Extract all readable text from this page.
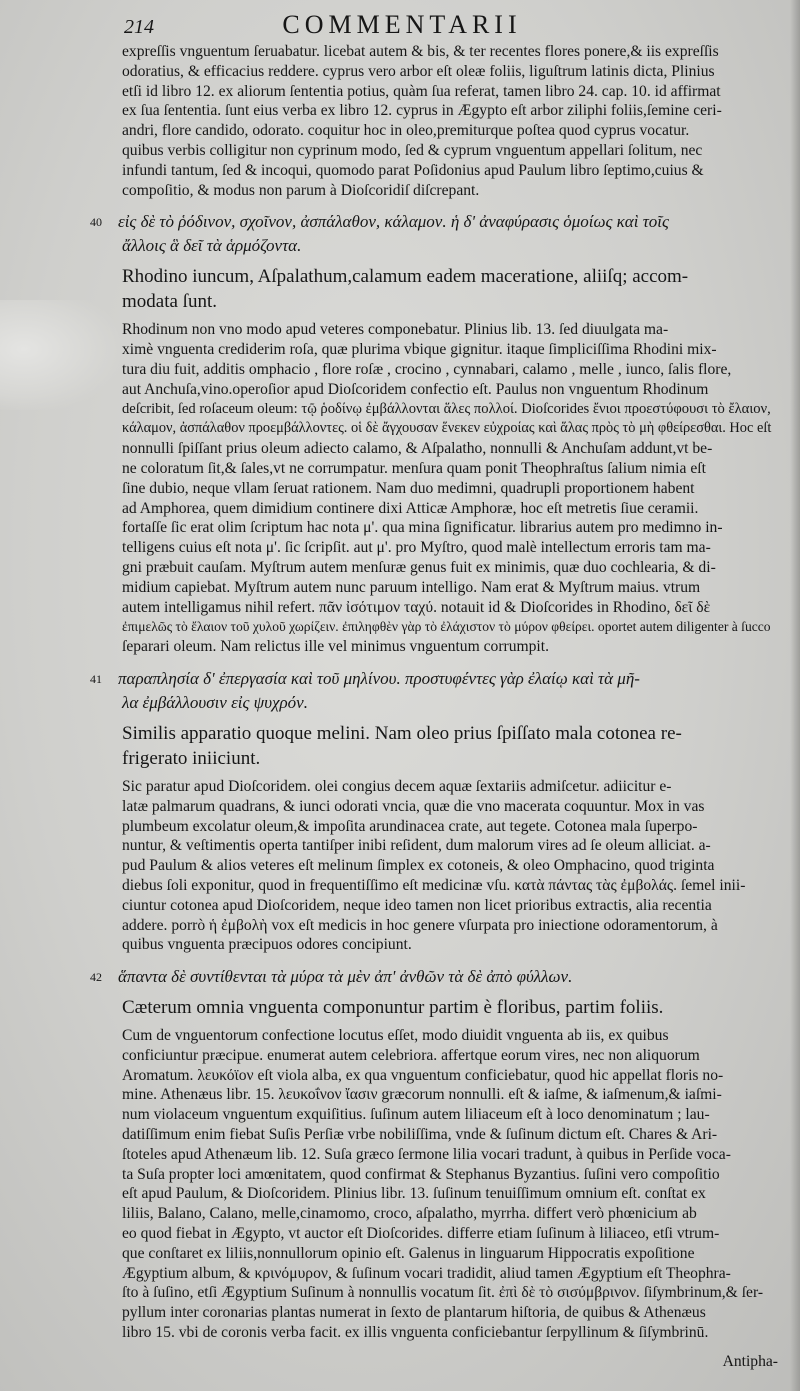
214	COMMENTARII
expreſſis vnguentum ſeruabatur. licebat autem & bis, & ter recentes flores ponere,& iis expreſſis
odoratius, & efficacius reddere. cyprus vero arbor eſt oleæ foliis, liguſtrum latinis dicta, Plinius
etſi id libro 12. ex aliorum ſententia potius, quàm ſua referat, tamen libro 24. cap. 10. id affirmat
ex ſua ſententia. ſunt eius verba ex libro 12. cyprus in Ægypto eſt arbor ziliphi foliis,ſemine ceri-
andri, flore candido, odorato. coquitur hoc in oleo,premiturque poſtea quod cyprus vocatur.
quibus verbis colligitur non cyprinum modo, ſed & cyprum vnguentum appellari ſolitum, nec
infundi tantum, ſed & incoqui, quomodo parat Poſidonius apud Paulum libro ſeptimo,cuius &
compoſitio, & modus non parum à Dioſcoridiſ diſcrepant.
40 εἰς δὲ τὸ ῥόδινον, σχοῖνον, ἀσπάλαθον, κάλαμον. ἡ δ' ἀναφύρασις ὁμοίως καὶ τοῖς
ἄλλοις ἃ δεῖ τὰ ἁρμόζοντα.
Rhodino iuncum, Aſpalathum,calamum eadem maceratione, aliiſq; accom-
modata ſunt.
Rhodinum non vno modo apud veteres componebatur. Plinius lib. 13. ſed diuulgata ma-
ximè vnguenta crediderim roſa, quæ plurima vbique gignitur. itaque ſimpliciſſima Rhodini mix-
tura diu fuit, additis omphacio , flore roſæ , crocino , cynnabari, calamo , melle , iunco, ſalis flore,
aut Anchuſa,vino.operoſior apud Dioſcoridem confectio eſt. Paulus non vnguentum Rhodinum
deſcribit, ſed roſaceum oleum: τῷ ῥοδίνῳ ἐμβάλλονται ἅλες πολλοί. Dioſcorides ἔνιοι προεστύφουσι τὸ ἔλαιον,
κάλαμον, ἀσπάλαθον προεμβάλλοντες. οἱ δὲ ἄγχουσαν ἕνεκεν εὐχροίας καὶ ἅλας πρὸς τὸ μὴ φθείρεσθαι. Hoc eſt
nonnulli ſpiſſant prius oleum adiecto calamo, & Aſpalatho, nonnulli & Anchuſam addunt,vt be-
ne coloratum ſit,& ſales,vt ne corrumpatur. menſura quam ponit Theophraſtus ſalium nimia eſt
ſine dubio, neque vllam ſeruat rationem. Nam duo medimni, quadrupli proportionem habent
ad Amphorea, quem dimidium continere dixi Atticæ Amphoræ, hoc eſt metretis ſiue ceramii.
fortaſſe ſic erat olim ſcriptum hac nota μ'. qua mina ſignificatur. librarius autem pro medimno in-
telligens cuius eſt nota μ'. ſic ſcripſit. aut μ'. pro Myſtro, quod malè intellectum erroris tam ma-
gni præbuit cauſam. Myſtrum autem menſuræ genus fuit ex minimis, quæ duo cochlearia, & di-
midium capiebat. Myſtrum autem nunc paruum intelligo. Nam erat & Myſtrum maius. vtrum
autem intelligamus nihil refert. πᾶν ἰσότιμον ταχύ. notauit id & Dioſcorides in Rhodino, δεῖ δὲ
ἐπιμελῶς τὸ ἔλαιον τοῦ χυλοῦ χωρίζειν. ἐπιληφθὲν γὰρ τὸ ἐλάχιστον τὸ μύρον φθείρει. oportet autem diligenter à ſucco
ſeparari oleum. Nam relictus ille vel minimus vnguentum corrumpit.
41 παραπλησία δ' ἐπεργασία καὶ τοῦ μηλίνου. προστυφέντες γὰρ ἐλαίῳ καὶ τὰ μῆ-
λα ἐμβάλλουσιν εἰς ψυχρόν.
Similis apparatio quoque melini. Nam oleo prius ſpiſſato mala cotonea re-
frigerato iniiciunt.
Sic paratur apud Dioſcoridem. olei congius decem aquæ ſextariis admiſcetur. adiicitur e-
latæ palmarum quadrans, & iunci odorati vncia, quæ die vno macerata coquuntur. Mox in vas
plumbeum excolatur oleum,& impoſita arundinacea crate, aut tegete. Cotonea mala ſuperpo-
nuntur, & veſtimentis operta tantiſper inibi reſident, dum malorum vires ad ſe oleum alliciat. a-
pud Paulum & alios veteres eſt melinum ſimplex ex cotoneis, & oleo Omphacino, quod triginta
diebus ſoli exponitur, quod in frequentiſſimo eſt medicinæ vſu. κατὰ πάντας τὰς ἐμβολάς. ſemel inii-
ciuntur cotonea apud Dioſcoridem, neque ideo tamen non licet prioribus extractis, alia recentia
addere. porrò ἡ ἐμβολὴ vox eſt medicis in hoc genere vſurpata pro iniectione odoramentorum, à
quibus vnguenta præcipuos odores concipiunt.
42 ἅπαντα δὲ συντίθενται τὰ μύρα τὰ μὲν ἀπ' ἀνθῶν τὰ δὲ ἀπὸ φύλλων.
Cæterum omnia vnguenta componuntur partim è floribus, partim foliis.
Cum de vnguentorum confectione locutus eſſet, modo diuidit vnguenta ab iis, ex quibus
conficiuntur præcipue. enumerat autem celebriora. affertque eorum vires, nec non aliquorum
Aromatum. λευκόϊον eſt viola alba, ex qua vnguentum conficiebatur, quod hic appellat floris no-
mine. Athenæus libr. 15. λευκοΐνον ἴασιν græcorum nonnulli. eſt & iaſme, & iaſmenum,& iaſmi-
num violaceum vnguentum exquiſitius. ſuſinum autem liliaceum eſt à loco denominatum ; lau-
datiſſimum enim fiebat Suſis Perſiæ vrbe nobiliſſima, vnde & ſuſinum dictum eſt. Chares & Ari-
ſtoteles apud Athenæum lib. 12. Suſa græco ſermone lilia vocari tradunt, à quibus in Perſide voca-
ta Suſa propter loci amœnitatem, quod confirmat & Stephanus Byzantius. ſuſini vero compoſitio
eſt apud Paulum, & Dioſcoridem. Plinius libr. 13. ſuſinum tenuiſſimum omnium eſt. conſtat ex
liliis, Balano, Calano, melle,cinamomo, croco, aſpalatho, myrrha. differt verò phœnicium ab
eo quod fiebat in Ægypto, vt auctor eſt Dioſcorides. differre etiam ſuſinum à liliaceo, etſi vtrum-
que conſtaret ex liliis,nonnullorum opinio eſt. Galenus in linguarum Hippocratis expoſitione
Ægyptium album, & κρινόμυρον, & ſuſinum vocari tradidit, aliud tamen Ægyptium eſt Theophra-
ſto à ſuſino, etſi Ægyptium Suſinum à nonnullis vocatum ſit. ἐπὶ δὲ τὸ σισύμβρινον. ſiſymbrinum,& ſer-
pyllum inter coronarias plantas numerat in ſexto de plantarum hiſtoria, de quibus & Athenæus
libro 15. vbi de coronis verba facit. ex illis vnguenta conficiebantur ſerpyllinum & ſiſymbrinū.
Antipha-
